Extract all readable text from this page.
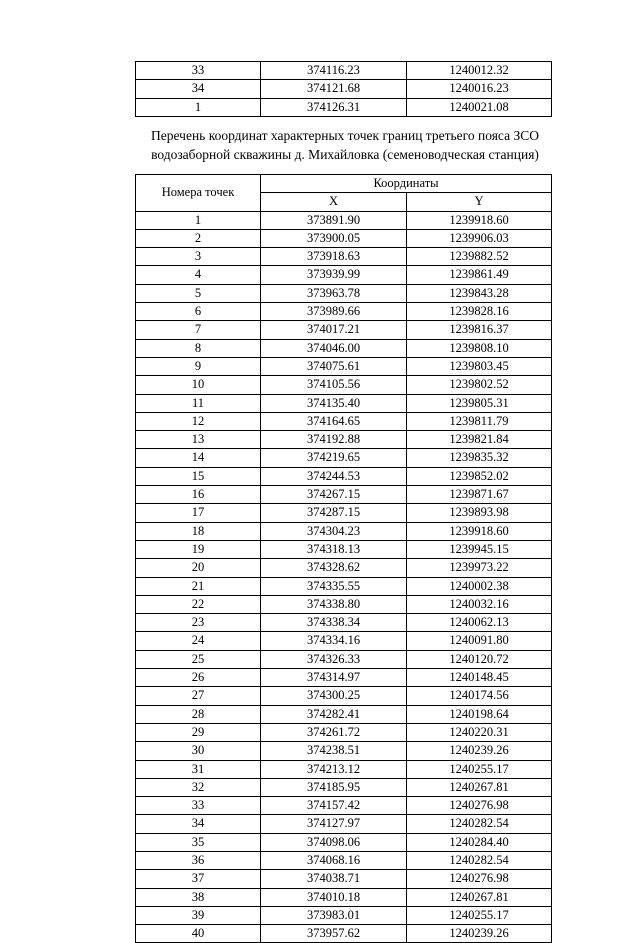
33	374116.23	1240012.32
34	374121.68	1240016.23
1	374126.31	1240021.08
Перечень координат характерных точек границ третьего пояса ЗСО
водозаборной скважины д. Михайловка (семеноводческая станция)
Номера точек	Координаты	
	X	Y
1	373891.90	1239918.60
2	373900.05	1239906.03
3	373918.63	1239882.52
4	373939.99	1239861.49
5	373963.78	1239843.28
6	373989.66	1239828.16
7	374017.21	1239816.37
8	374046.00	1239808.10
9	374075.61	1239803.45
10	374105.56	1239802.52
11	374135.40	1239805.31
12	374164.65	1239811.79
13	374192.88	1239821.84
14	374219.65	1239835.32
15	374244.53	1239852.02
16	374267.15	1239871.67
17	374287.15	1239893.98
18	374304.23	1239918.60
19	374318.13	1239945.15
20	374328.62	1239973.22
21	374335.55	1240002.38
22	374338.80	1240032.16
23	374338.34	1240062.13
24	374334.16	1240091.80
25	374326.33	1240120.72
26	374314.97	1240148.45
27	374300.25	1240174.56
28	374282.41	1240198.64
29	374261.72	1240220.31
30	374238.51	1240239.26
31	374213.12	1240255.17
32	374185.95	1240267.81
33	374157.42	1240276.98
34	374127.97	1240282.54
35	374098.06	1240284.40
36	374068.16	1240282.54
37	374038.71	1240276.98
38	374010.18	1240267.81
39	373983.01	1240255.17
40	373957.62	1240239.26
